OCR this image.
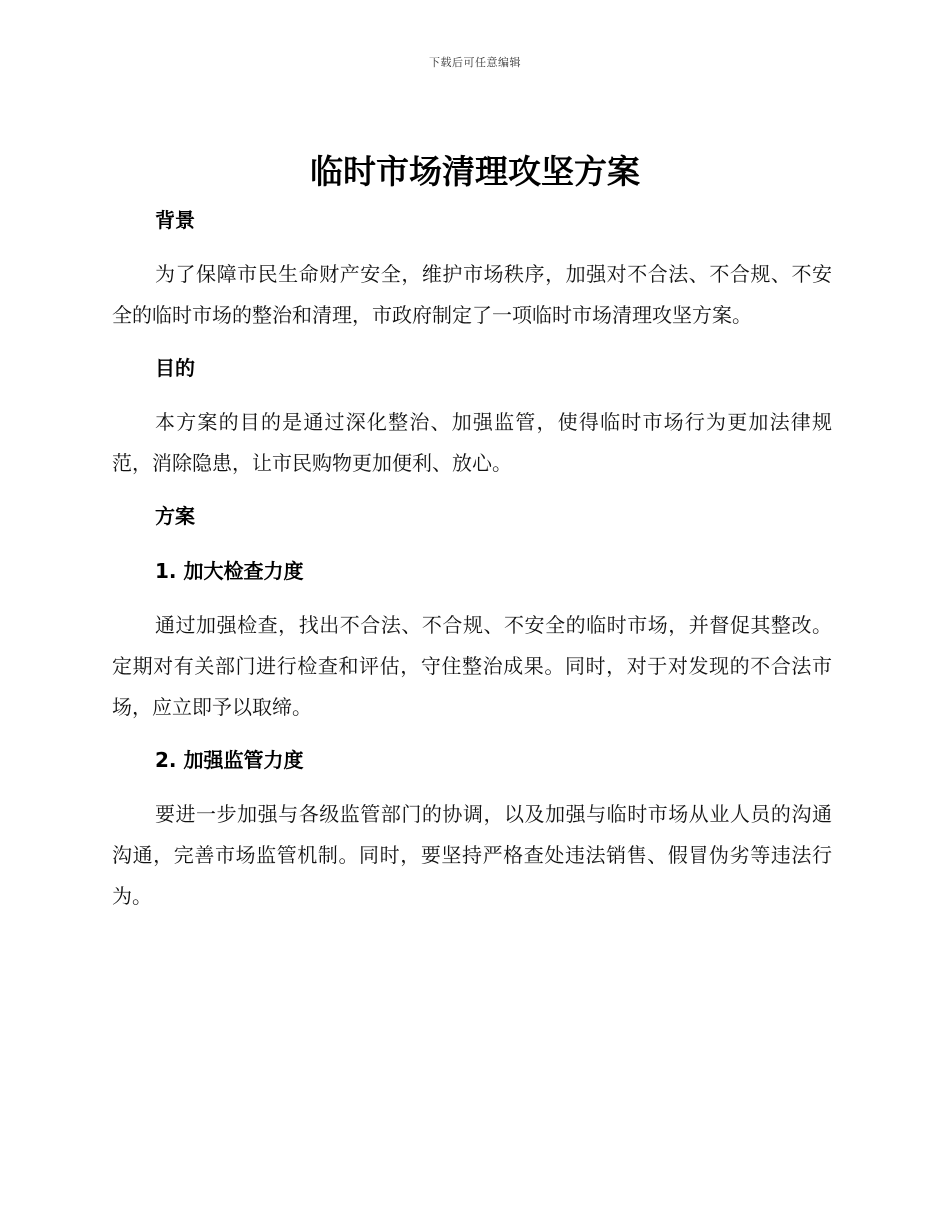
下载后可任意编辑
临时市场清理攻坚方案
背景

为了保障市民生命财产安全，维护市场秩序，加强对不合法、不合规、不安全的临时市场的整治和清理，市政府制定了一项临时市场清理攻坚方案。

目的

本方案的目的是通过深化整治、加强监管，使得临时市场行为更加法律规范，消除隐患，让市民购物更加便利、放心。

方案
1. 加大检查力度

通过加强检查，找出不合法、不合规、不安全的临时市场，并督促其整改。定期对有关部门进行检查和评估，守住整治成果。同时，对于对发现的不合法市场，应立即予以取缔。

2. 加强监管力度

要进一步加强与各级监管部门的协调，以及加强与临时市场从业人员的沟通沟通，完善市场监管机制。同时，要坚持严格查处违法销售、假冒伪劣等违法行为。
